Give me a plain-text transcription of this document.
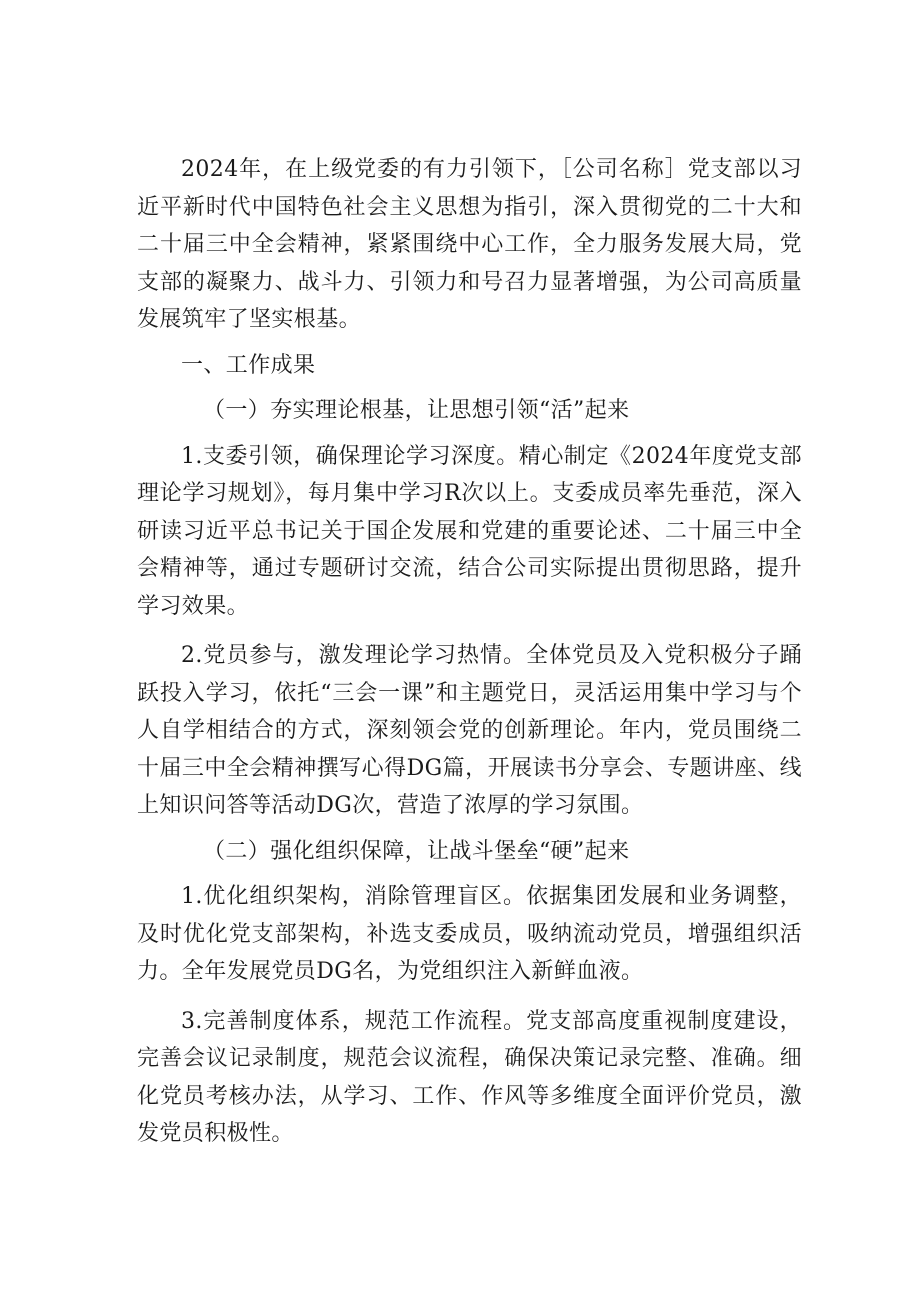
2024年，在上级党委的有力引领下，［公司名称］党支部以习近平新时代中国特色社会主义思想为指引，深入贯彻党的二十大和二十届三中全会精神，紧紧围绕中心工作，全力服务发展大局，党支部的凝聚力、战斗力、引领力和号召力显著增强，为公司高质量发展筑牢了坚实根基。

一、工作成果

（一）夯实理论根基，让思想引领“活”起来

1.支委引领，确保理论学习深度。精心制定《2024年度党支部理论学习规划》，每月集中学习R次以上。支委成员率先垂范，深入研读习近平总书记关于国企发展和党建的重要论述、二十届三中全会精神等，通过专题研讨交流，结合公司实际提出贯彻思路，提升学习效果。

2.党员参与，激发理论学习热情。全体党员及入党积极分子踊跃投入学习，依托“三会一课”和主题党日，灵活运用集中学习与个人自学相结合的方式，深刻领会党的创新理论。年内，党员围绕二十届三中全会精神撰写心得DG篇，开展读书分享会、专题讲座、线上知识问答等活动DG次，营造了浓厚的学习氛围。

（二）强化组织保障，让战斗堡垒“硬”起来

1.优化组织架构，消除管理盲区。依据集团发展和业务调整，及时优化党支部架构，补选支委成员，吸纳流动党员，增强组织活力。全年发展党员DG名，为党组织注入新鲜血液。

3.完善制度体系，规范工作流程。党支部高度重视制度建设，完善会议记录制度，规范会议流程，确保决策记录完整、准确。细化党员考核办法，从学习、工作、作风等多维度全面评价党员，激发党员积极性。
